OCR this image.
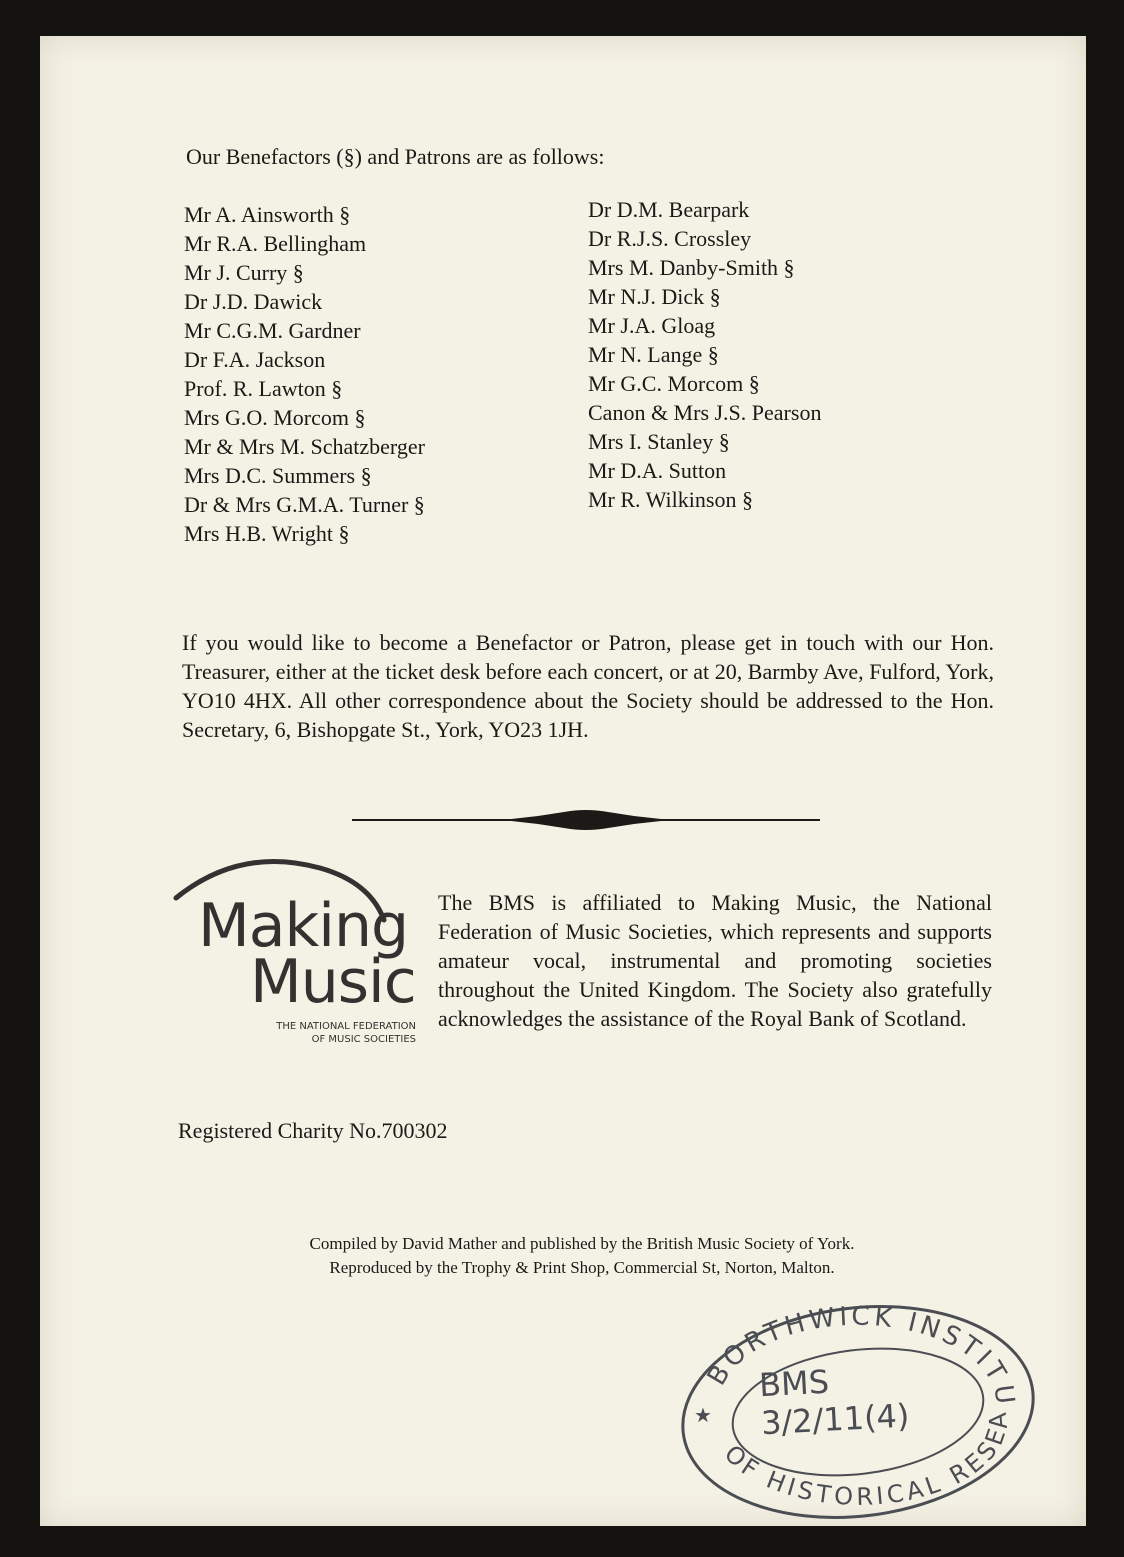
Our Benefactors (§) and Patrons are as follows:

Mr A. Ainsworth §
Mr R.A. Bellingham
Mr J. Curry §
Dr J.D. Dawick
Mr C.G.M. Gardner
Dr F.A. Jackson
Prof. R. Lawton §
Mrs G.O. Morcom §
Mr & Mrs M. Schatzberger
Mrs D.C. Summers §
Dr & Mrs G.M.A. Turner §
Mrs H.B. Wright §
Dr D.M. Bearpark
Dr R.J.S. Crossley
Mrs M. Danby-Smith §
Mr N.J. Dick §
Mr J.A. Gloag
Mr N. Lange §
Mr G.C. Morcom §
Canon & Mrs J.S. Pearson
Mrs I. Stanley §
Mr D.A. Sutton
Mr R. Wilkinson §

If you would like to become a Benefactor or Patron, please get in touch with our Hon. Treasurer, either at the ticket desk before each concert, or at 20, Barmby Ave, Fulford, York, YO10 4HX. All other correspondence about the Society should be addressed to the Hon. Secretary, 6, Bishopgate St., York, YO23 1JH.

Making
Music
THE NATIONAL FEDERATION
OF MUSIC SOCIETIES

The BMS is affiliated to Making Music, the National Federation of Music Societies, which represents and supports amateur vocal, instrumental and promoting societies throughout the United Kingdom. The Society also gratefully acknowledges the assistance of the Royal Bank of Scotland.

Registered Charity No.700302

Compiled by David Mather and published by the British Music Society of York.
Reproduced by the Trophy & Print Shop, Commercial St, Norton, Malton.

BORTHWICK INSTITU
OF HISTORICAL RESEA
★
BMS 3/2/11(4)
